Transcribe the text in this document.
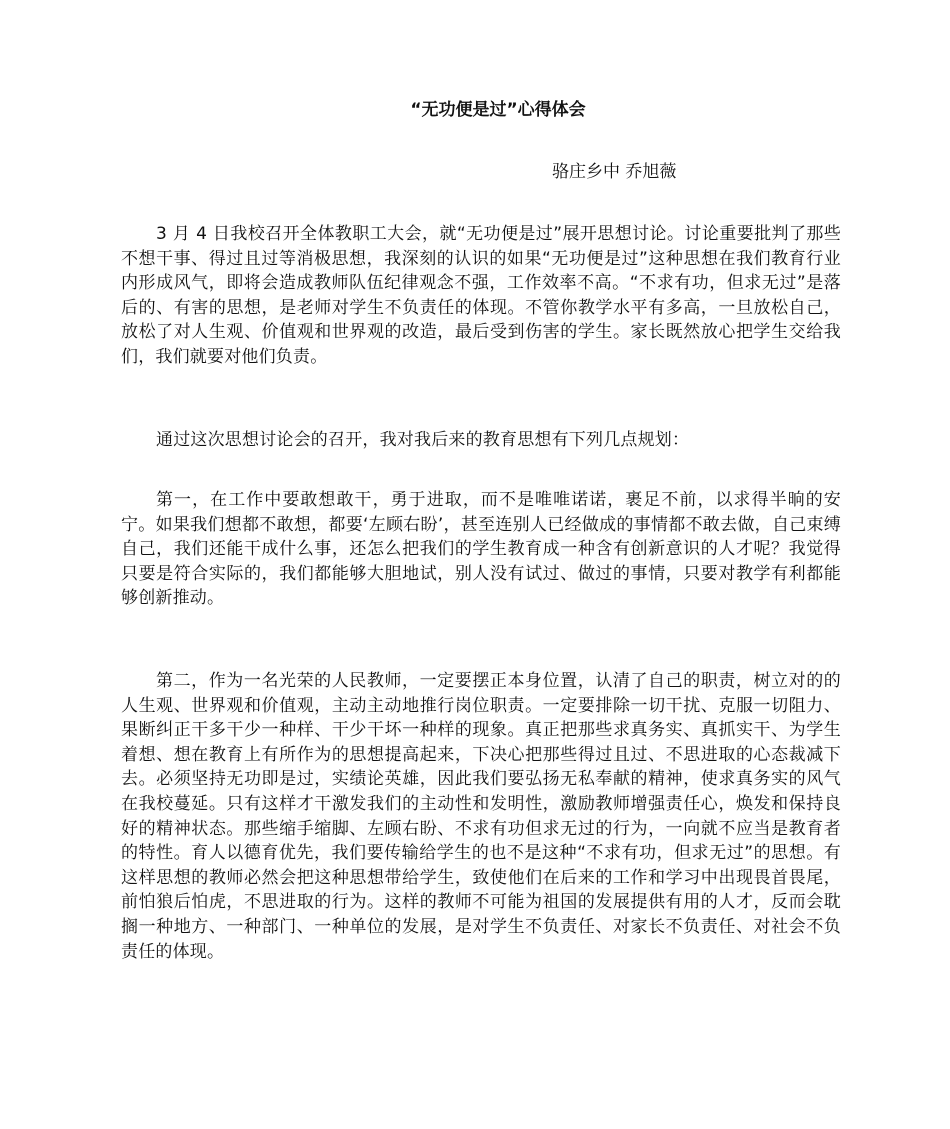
“无功便是过”心得体会
骆庄乡中 乔旭薇

3 月 4 日我校召开全体教职工大会，就“无功便是过”展开思想讨论。讨论重要批判了那些不想干事、得过且过等消极思想，我深刻的认识的如果“无功便是过”这种思想在我们教育行业内形成风气，即将会造成教师队伍纪律观念不强，工作效率不高。“不求有功，但求无过”是落后的、有害的思想，是老师对学生不负责任的体现。不管你教学水平有多高，一旦放松自己，放松了对人生观、价值观和世界观的改造，最后受到伤害的学生。家长既然放心把学生交给我们，我们就要对他们负责。

通过这次思想讨论会的召开，我对我后来的教育思想有下列几点规划：

第一，在工作中要敢想敢干，勇于进取，而不是唯唯诺诺，裹足不前，以求得半晌的安宁。如果我们想都不敢想，都要‘左顾右盼’，甚至连别人已经做成的事情都不敢去做，自己束缚自己，我们还能干成什么事，还怎么把我们的学生教育成一种含有创新意识的人才呢？我觉得只要是符合实际的，我们都能够大胆地试，别人没有试过、做过的事情，只要对教学有利都能够创新推动。

第二，作为一名光荣的人民教师，一定要摆正本身位置，认清了自己的职责，树立对的的人生观、世界观和价值观，主动主动地推行岗位职责。一定要排除一切干扰、克服一切阻力、果断纠正干多干少一种样、干少干坏一种样的现象。真正把那些求真务实、真抓实干、为学生着想、想在教育上有所作为的思想提高起来，下决心把那些得过且过、不思进取的心态裁减下去。必须坚持无功即是过，实绩论英雄，因此我们要弘扬无私奉献的精神，使求真务实的风气在我校蔓延。只有这样才干激发我们的主动性和发明性，激励教师增强责任心，焕发和保持良好的精神状态。那些缩手缩脚、左顾右盼、不求有功但求无过的行为，一向就不应当是教育者的特性。育人以德育优先，我们要传输给学生的也不是这种“不求有功，但求无过”的思想。有这样思想的教师必然会把这种思想带给学生，致使他们在后来的工作和学习中出现畏首畏尾，前怕狼后怕虎，不思进取的行为。这样的教师不可能为祖国的发展提供有用的人才，反而会耽搁一种地方、一种部门、一种单位的发展，是对学生不负责任、对家长不负责任、对社会不负责任的体现。
